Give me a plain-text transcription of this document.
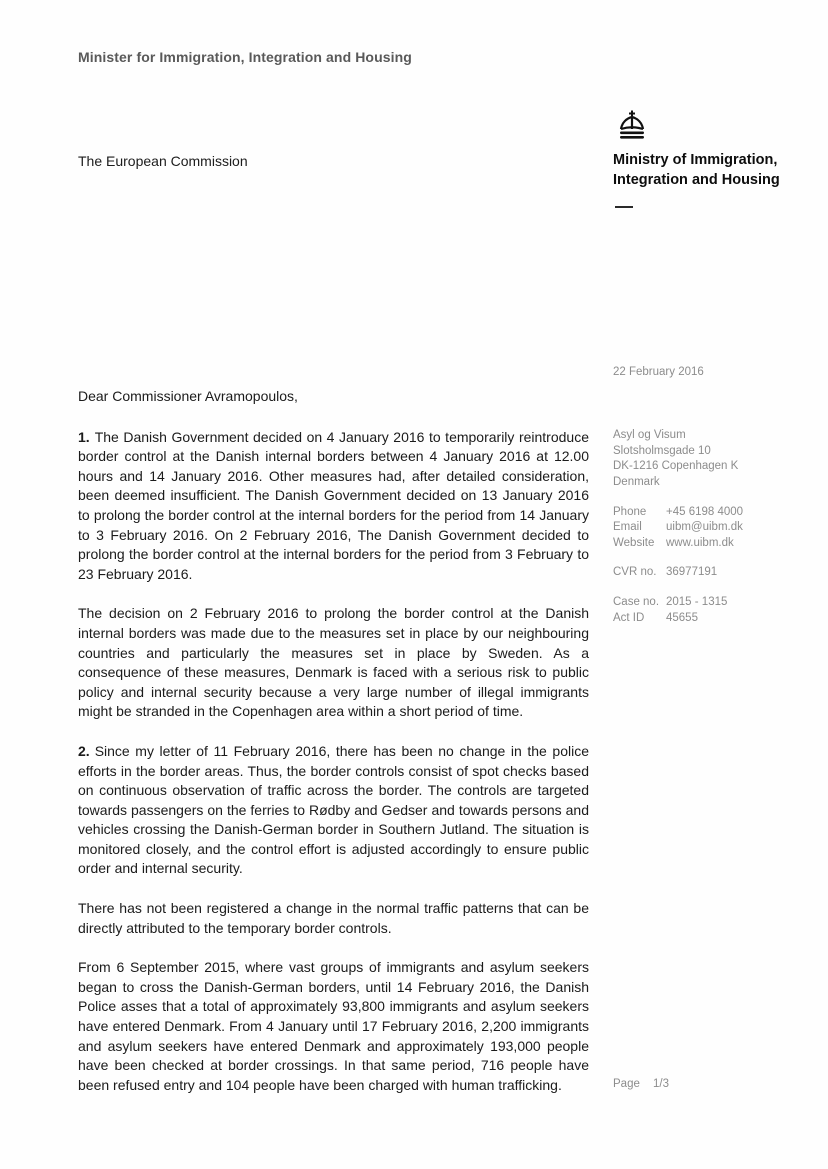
Minister for Immigration, Integration and Housing
The European Commission	Ministry of Immigration,
Integration and Housing
22 February 2016
Asyl og Visum
Slotsholmsgade 10
DK-1216 Copenhagen K
Denmark
Phone	+45 6198 4000
Email	uibm@uibm.dk
Website	www.uibm.dk
CVR no. 36977191
Case no. 2015 - 1315
Act ID	45655

Dear Commissioner Avramopoulos,

1. The Danish Government decided on 4 January 2016 to temporarily reintroduce border control at the Danish internal borders between 4 January 2016 at 12.00 hours and 14 January 2016. Other measures had, after detailed consideration, been deemed insufficient. The Danish Government decided on 13 January 2016 to prolong the border control at the internal borders for the period from 14 January to 3 February 2016. On 2 February 2016, The Danish Government decided to prolong the border control at the internal borders for the period from 3 February to 23 February 2016.

The decision on 2 February 2016 to prolong the border control at the Danish internal borders was made due to the measures set in place by our neighbouring countries and particularly the measures set in place by Sweden. As a consequence of these measures, Denmark is faced with a serious risk to public policy and internal security because a very large number of illegal immigrants might be stranded in the Copenhagen area within a short period of time.

2. Since my letter of 11 February 2016, there has been no change in the police efforts in the border areas. Thus, the border controls consist of spot checks based on continuous observation of traffic across the border. The controls are targeted towards passengers on the ferries to Rødby and Gedser and towards persons and vehicles crossing the Danish-German border in Southern Jutland. The situation is monitored closely, and the control effort is adjusted accordingly to ensure public order and internal security.

There has not been registered a change in the normal traffic patterns that can be directly attributed to the temporary border controls.

From 6 September 2015, where vast groups of immigrants and asylum seekers began to cross the Danish-German borders, until 14 February 2016, the Danish Police asses that a total of approximately 93,800 immigrants and asylum seekers have entered Denmark. From 4 January until 17 February 2016, 2,200 immigrants and asylum seekers have entered Denmark and approximately 193,000 people have been checked at border crossings. In that same period, 716 people have been refused entry and 104 people have been charged with human trafficking.	Page	1/3
